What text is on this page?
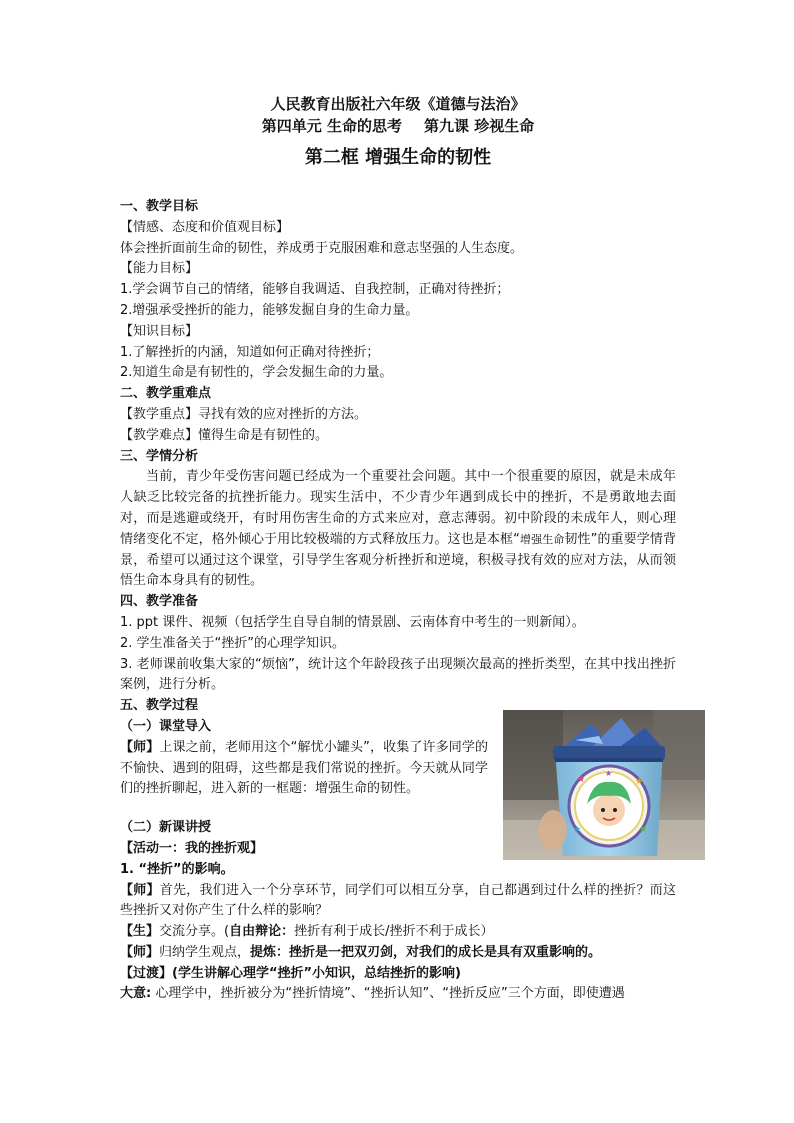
人民教育出版社六年级《道德与法治》
第四单元 生命的思考 第九课 珍视生命
第二框 增强生命的韧性
一、教学目标
【情感、态度和价值观目标】
体会挫折面前生命的韧性，养成勇于克服困难和意志坚强的人生态度。
【能力目标】
1.学会调节自己的情绪，能够自我调适、自我控制，正确对待挫折；
2.增强承受挫折的能力，能够发掘自身的生命力量。
【知识目标】
1.了解挫折的内涵，知道如何正确对待挫折；
2.知道生命是有韧性的，学会发掘生命的力量。
二、教学重难点
【教学重点】寻找有效的应对挫折的方法。
【教学难点】懂得生命是有韧性的。
三、学情分析
当前，青少年受伤害问题已经成为一个重要社会问题。其中一个很重要的原因，就是未成年人缺乏比较完备的抗挫折能力。现实生活中，不少青少年遇到成长中的挫折，不是勇敢地去面对，而是逃避或绕开，有时用伤害生命的方式来应对，意志薄弱。初中阶段的未成年人，则心理情绪变化不定，格外倾心于用比较极端的方式释放压力。这也是本框“增强生命韧性”的重要学情背景，希望可以通过这个课堂，引导学生客观分析挫折和逆境，积极寻找有效的应对方法，从而领悟生命本身具有的韧性。
四、教学准备
1. ppt 课件、视频（包括学生自导自制的情景剧、云南体育中考生的一则新闻）。
2. 学生准备关于“挫折”的心理学知识。
3. 老师课前收集大家的“烦恼”，统计这个年龄段孩子出现频次最高的挫折类型，在其中找出挫折案例，进行分析。
五、教学过程
（一）课堂导入
【师】上课之前，老师用这个“解忧小罐头”，收集了许多同学的不愉快、遇到的阻碍，这些都是我们常说的挫折。今天就从同学们的挫折聊起，进入新的一框题：增强生命的韧性。
（二）新课讲授
【活动一：我的挫折观】
1. “挫折”的影响。
【师】首先，我们进入一个分享环节，同学们可以相互分享，自己都遇到过什么样的挫折？而这些挫折又对你产生了什么样的影响？
【生】交流分享。(自由辩论：挫折有利于成长/挫折不利于成长）
【师】归纳学生观点，提炼：挫折是一把双刃剑，对我们的成长是具有双重影响的。
【过渡】(学生讲解心理学“挫折”小知识，总结挫折的影响)
大意: 心理学中，挫折被分为“挫折情境”、“挫折认知”、“挫折反应”三个方面，即使遭遇
★	★
★	★
★
